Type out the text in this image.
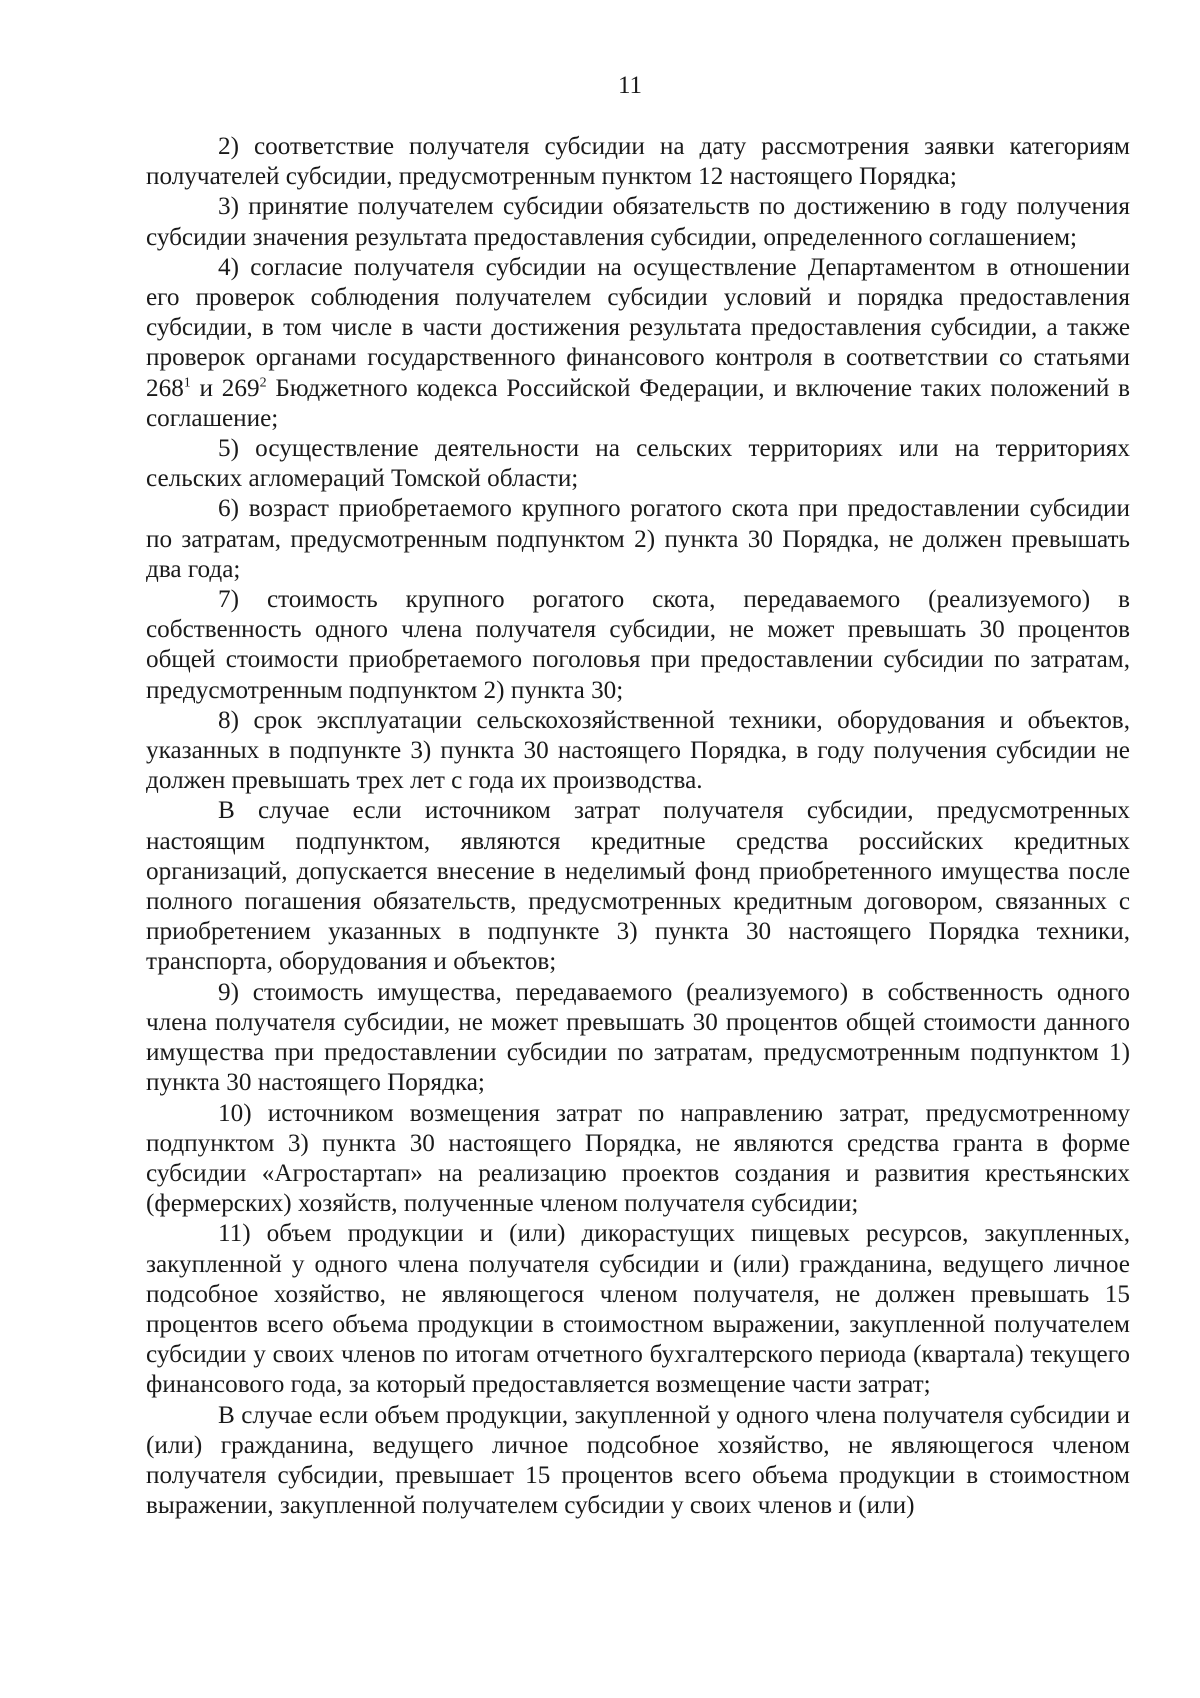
11

2) соответствие получателя субсидии на дату рассмотрения заявки категориям получателей субсидии, предусмотренным пунктом 12 настоящего Порядка;

3) принятие получателем субсидии обязательств по достижению в году получения субсидии значения результата предоставления субсидии, определенного соглашением;

4) согласие получателя субсидии на осуществление Департаментом в отношении его проверок соблюдения получателем субсидии условий и порядка предоставления субсидии, в том числе в части достижения результата предоставления субсидии, а также проверок органами государственного финансового контроля в соответствии со статьями $268^1$ и $269^2$ Бюджетного кодекса Российской Федерации, и включение таких положений в соглашение;

5) осуществление деятельности на сельских территориях или на территориях сельских агломераций Томской области;

6) возраст приобретаемого крупного рогатого скота при предоставлении субсидии по затратам, предусмотренным подпунктом 2) пункта 30 Порядка, не должен превышать два года;

7) стоимость крупного рогатого скота, передаваемого (реализуемого) в собственность одного члена получателя субсидии, не может превышать 30 процентов общей стоимости приобретаемого поголовья при предоставлении субсидии по затратам, предусмотренным подпунктом 2) пункта 30;

8) срок эксплуатации сельскохозяйственной техники, оборудования и объектов, указанных в подпункте 3) пункта 30 настоящего Порядка, в году получения субсидии не должен превышать трех лет с года их производства.

В случае если источником затрат получателя субсидии, предусмотренных настоящим подпунктом, являются кредитные средства российских кредитных организаций, допускается внесение в неделимый фонд приобретенного имущества после полного погашения обязательств, предусмотренных кредитным договором, связанных с приобретением указанных в подпункте 3) пункта 30 настоящего Порядка техники, транспорта, оборудования и объектов;

9) стоимость имущества, передаваемого (реализуемого) в собственность одного члена получателя субсидии, не может превышать 30 процентов общей стоимости данного имущества при предоставлении субсидии по затратам, предусмотренным подпунктом 1) пункта 30 настоящего Порядка;

10) источником возмещения затрат по направлению затрат, предусмотренному подпунктом 3) пункта 30 настоящего Порядка, не являются средства гранта в форме субсидии «Агростартап» на реализацию проектов создания и развития крестьянских (фермерских) хозяйств, полученные членом получателя субсидии;

11) объем продукции и (или) дикорастущих пищевых ресурсов, закупленных, закупленной у одного члена получателя субсидии и (или) гражданина, ведущего личное подсобное хозяйство, не являющегося членом получателя, не должен превышать 15 процентов всего объема продукции в стоимостном выражении, закупленной получателем субсидии у своих членов по итогам отчетного бухгалтерского периода (квартала) текущего финансового года, за который предоставляется возмещение части затрат;

В случае если объем продукции, закупленной у одного члена получателя субсидии и (или) гражданина, ведущего личное подсобное хозяйство, не являющегося членом получателя субсидии, превышает 15 процентов всего объема продукции в стоимостном выражении, закупленной получателем субсидии у своих членов и (или)
